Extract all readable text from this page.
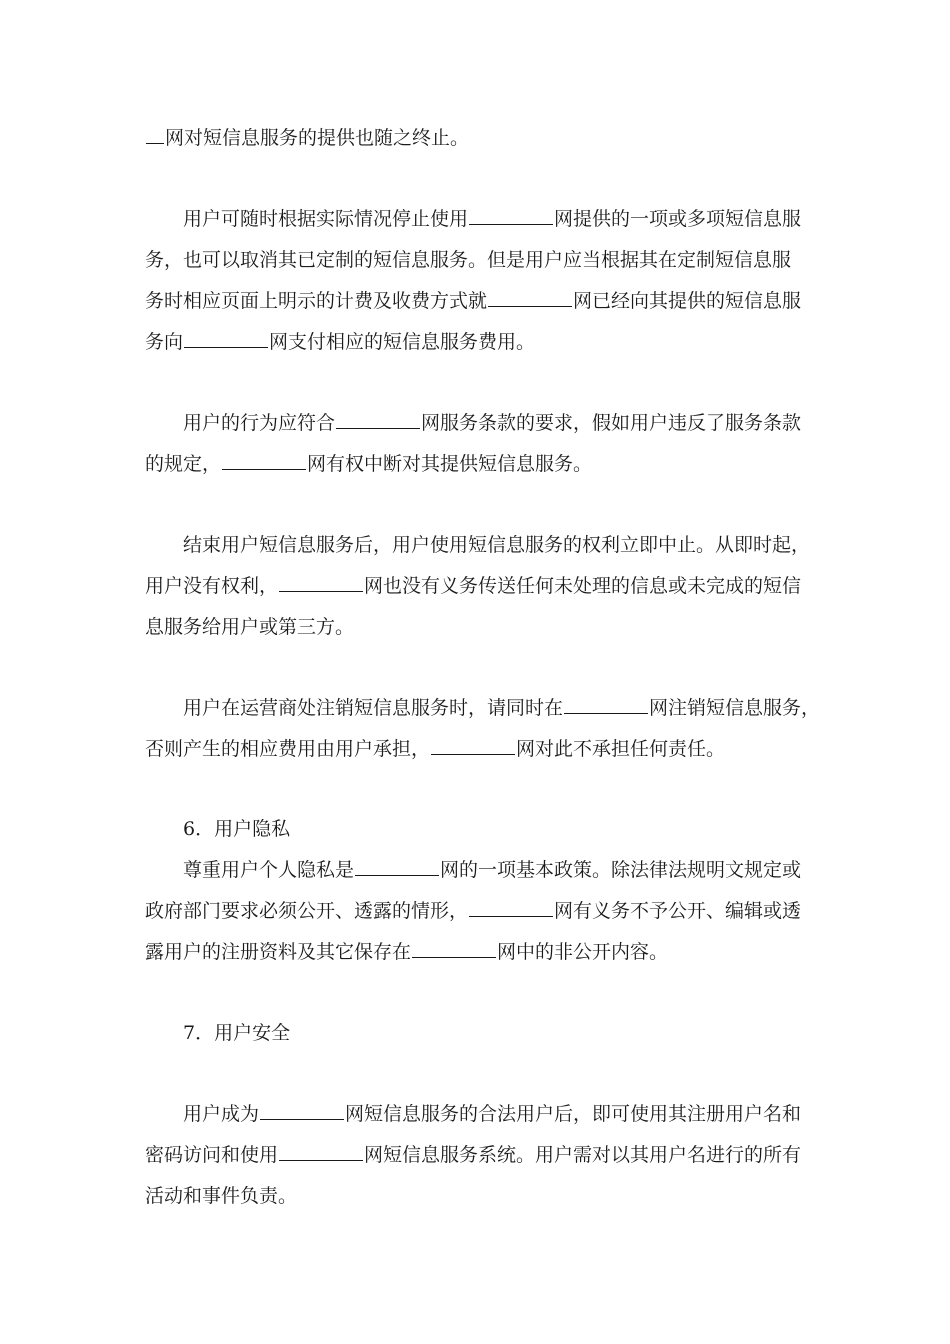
网对短信息服务的提供也随之终止。
用户可随时根据实际情况停止使用	网提供的一项或多项短信息服
务，也可以取消其已定制的短信息服务。但是用户应当根据其在定制短信息服
务时相应页面上明示的计费及收费方式就	网已经向其提供的短信息服
务向	网支付相应的短信息服务费用。
用户的行为应符合	网服务条款的要求，假如用户违反了服务条款
的规定，	网有权中断对其提供短信息服务。
结束用户短信息服务后，用户使用短信息服务的权利立即中止。从即时起，
用户没有权利，	网也没有义务传送任何未处理的信息或未完成的短信
息服务给用户或第三方。
用户在运营商处注销短信息服务时，请同时在	网注销短信息服务，
否则产生的相应费用由用户承担，	网对此不承担任何责任。
6．用户隐私
尊重用户个人隐私是	网的一项基本政策。除法律法规明文规定或
政府部门要求必须公开、透露的情形，	网有义务不予公开、编辑或透
露用户的注册资料及其它保存在	网中的非公开内容。
7．用户安全
用户成为	网短信息服务的合法用户后，即可使用其注册用户名和
密码访问和使用	网短信息服务系统。用户需对以其用户名进行的所有
活动和事件负责。
